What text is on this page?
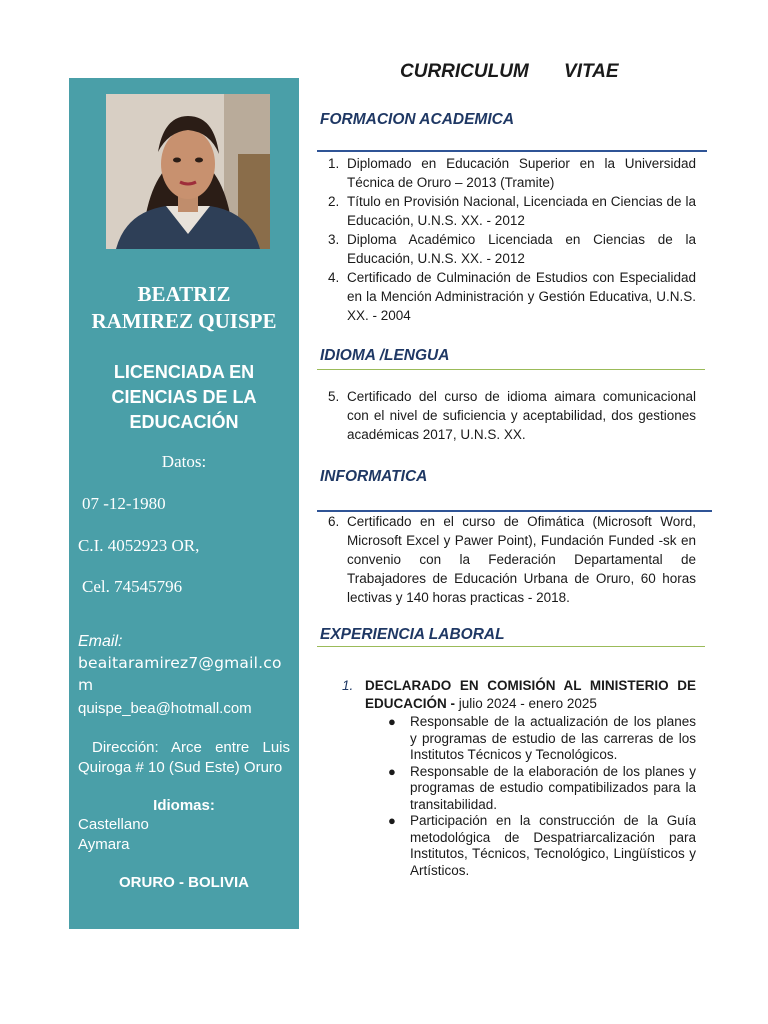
BEATRIZ
RAMIREZ QUISPE
LICENCIADA EN
CIENCIAS DE LA
EDUCACIÓN
Datos:
07 -12-1980
C.I. 4052923 OR,
Cel. 74545796
Email:
beaitaramirez7@gmail.com
quispe_bea@hotmall.com
Dirección: Arce entre Luis Quiroga # 10 (Sud Este) Oruro
Idiomas:
Castellano
Aymara
ORURO - BOLIVIA
CURRICULUM VITAE
FORMACION ACADEMICA
1. Diplomado en Educación Superior en la Universidad Técnica de Oruro – 2013 (Tramite)
2. Título en Provisión Nacional, Licenciada en Ciencias de la Educación, U.N.S. XX. - 2012
3. Diploma Académico Licenciada en Ciencias de la Educación, U.N.S. XX. - 2012
4. Certificado de Culminación de Estudios con Especialidad en la Mención Administración y Gestión Educativa, U.N.S. XX. - 2004
IDIOMA /LENGUA
5. Certificado del curso de idioma aimara comunicacional con el nivel de suficiencia y aceptabilidad, dos gestiones académicas 2017, U.N.S. XX.
INFORMATICA
6. Certificado en el curso de Ofimática (Microsoft Word, Microsoft Excel y Pawer Point), Fundación Funded -sk en convenio con la Federación Departamental de Trabajadores de Educación Urbana de Oruro, 60 horas lectivas y 140 horas practicas - 2018.
EXPERIENCIA LABORAL
1. DECLARADO EN COMISIÓN AL MINISTERIO DE EDUCACIÓN - julio 2024 - enero 2025
● Responsable de la actualización de los planes y programas de estudio de las carreras de los Institutos Técnicos y Tecnológicos.
● Responsable de la elaboración de los planes y programas de estudio compatibilizados para la transitabilidad.
● Participación en la construcción de la Guía metodológica de Despatriarcalización para Institutos, Técnicos, Tecnológico, Lingüísticos y Artísticos.
